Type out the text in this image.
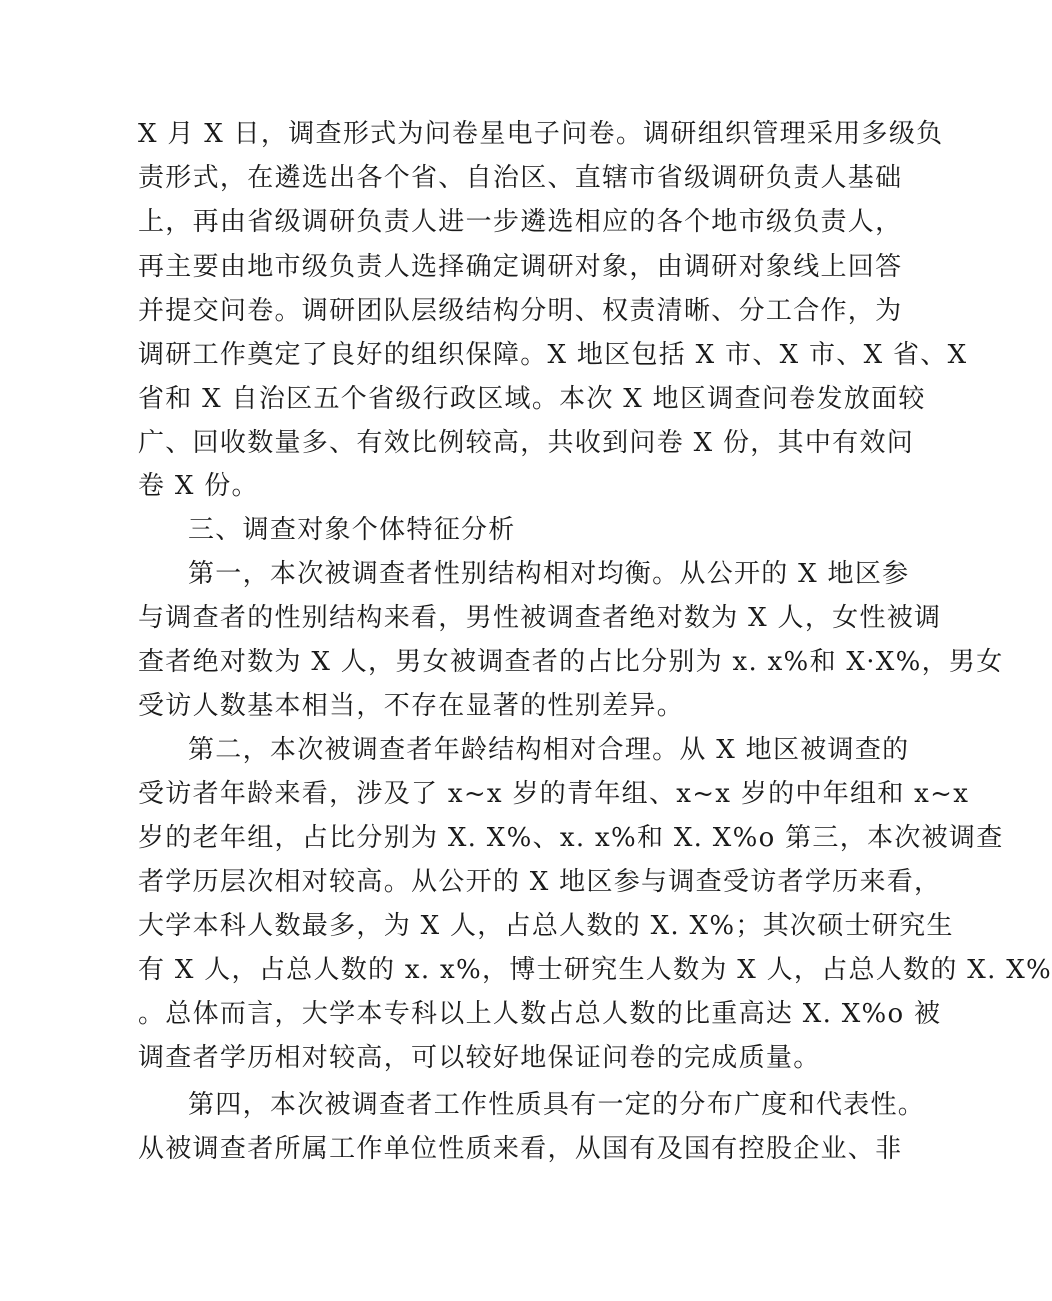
X 月 X 日，调查形式为问卷星电子问卷。调研组织管理采用多级负
责形式，在遴选出各个省、自治区、直辖市省级调研负责人基础
上，再由省级调研负责人进一步遴选相应的各个地市级负责人，
再主要由地市级负责人选择确定调研对象，由调研对象线上回答
并提交问卷。调研团队层级结构分明、权责清晰、分工合作，为
调研工作奠定了良好的组织保障。X 地区包括 X 市、X 市、X 省、X
省和 X 自治区五个省级行政区域。本次 X 地区调查问卷发放面较
广、回收数量多、有效比例较高，共收到问卷 X 份，其中有效问
卷 X 份。
三、调查对象个体特征分析
第一，本次被调查者性别结构相对均衡。从公开的 X 地区参
与调查者的性别结构来看，男性被调查者绝对数为 X 人，女性被调
查者绝对数为 X 人，男女被调查者的占比分别为 x. x%和 X·X%，男女
受访人数基本相当，不存在显著的性别差异。
第二，本次被调查者年龄结构相对合理。从 X 地区被调查的
受访者年龄来看，涉及了 x~x 岁的青年组、x~x 岁的中年组和 x~x
岁的老年组，占比分别为 X. X%、x. x%和 X. X%o 第三，本次被调查
者学历层次相对较高。从公开的 X 地区参与调查受访者学历来看，
大学本科人数最多，为 X 人，占总人数的 X. X%；其次硕士研究生
有 X 人，占总人数的 x. x%，博士研究生人数为 X 人，占总人数的 X. X%
。总体而言，大学本专科以上人数占总人数的比重高达 X. X%o 被
调查者学历相对较高，可以较好地保证问卷的完成质量。
第四，本次被调查者工作性质具有一定的分布广度和代表性。
从被调查者所属工作单位性质来看，从国有及国有控股企业、非
